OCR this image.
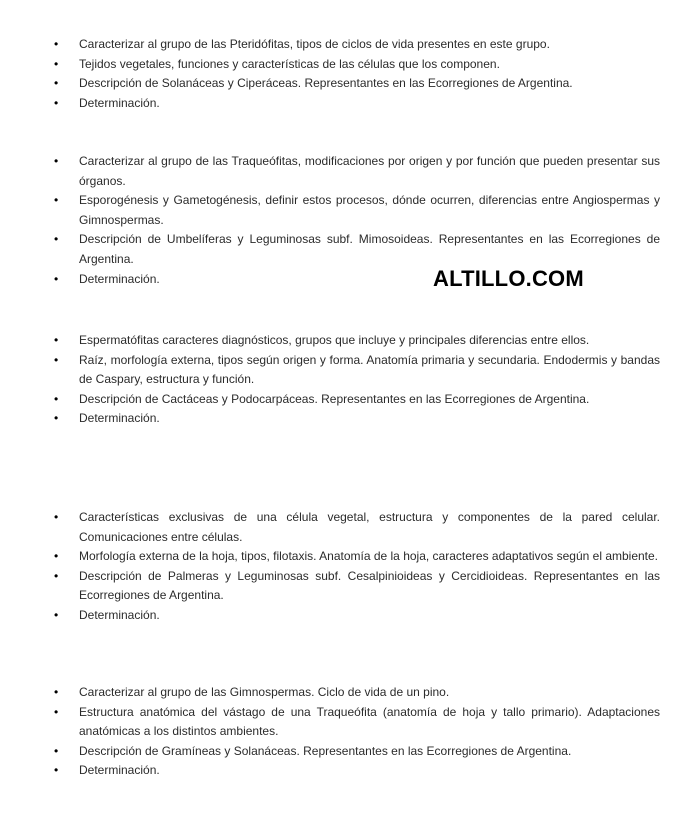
• Caracterizar al grupo de las Pteridófitas, tipos de ciclos de vida presentes en este grupo.
• Tejidos vegetales, funciones y características de las células que los componen.
• Descripción de Solanáceas y Ciperáceas. Representantes en las Ecorregiones de Argentina.
• Determinación.
• Caracterizar al grupo de las Traqueófitas, modificaciones por origen y por función que pueden presentar sus órganos.
• Esporogénesis y Gametogénesis, definir estos procesos, dónde ocurren, diferencias entre Angiospermas y Gimnospermas.
• Descripción de Umbelíferas y Leguminosas subf. Mimosoideas. Representantes en las Ecorregiones de Argentina.
• Determinación.
• Espermatófitas caracteres diagnósticos, grupos que incluye y principales diferencias entre ellos.
• Raíz, morfología externa, tipos según origen y forma. Anatomía primaria y secundaria. Endodermis y bandas de Caspary, estructura y función.
• Descripción de Cactáceas y Podocarpáceas. Representantes en las Ecorregiones de Argentina.
• Determinación.
• Características exclusivas de una célula vegetal, estructura y componentes de la pared celular. Comunicaciones entre células.
• Morfología externa de la hoja, tipos, filotaxis. Anatomía de la hoja, caracteres adaptativos según el ambiente.
• Descripción de Palmeras y Leguminosas subf. Cesalpinioideas y Cercidioideas. Representantes en las Ecorregiones de Argentina.
• Determinación.
• Caracterizar al grupo de las Gimnospermas. Ciclo de vida de un pino.
• Estructura anatómica del vástago de una Traqueófita (anatomía de hoja y tallo primario). Adaptaciones anatómicas a los distintos ambientes.
• Descripción de Gramíneas y Solanáceas. Representantes en las Ecorregiones de Argentina.
• Determinación.
ALTILLO.COM
